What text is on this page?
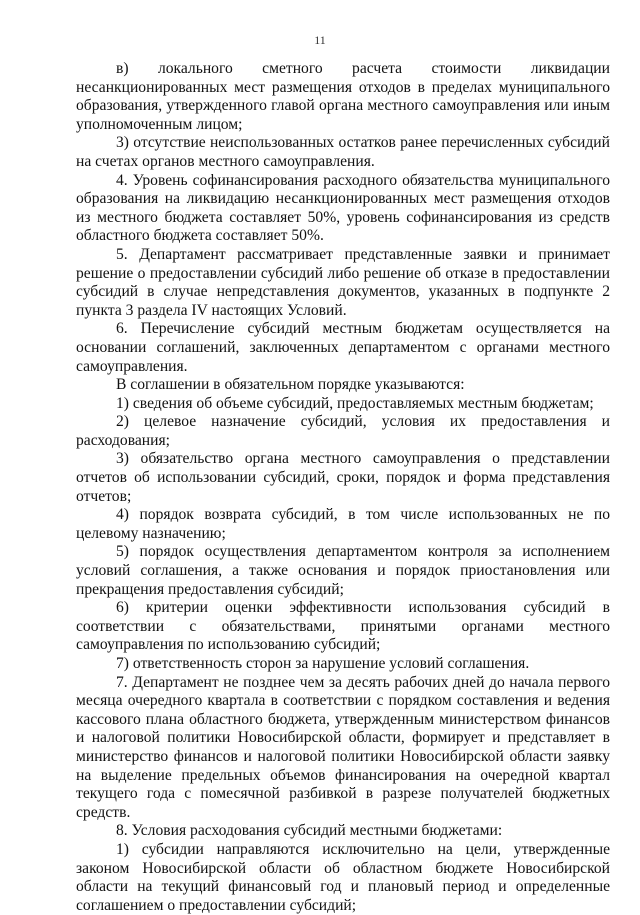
11

в) локального сметного расчета стоимости ликвидации несанкционированных мест размещения отходов в пределах муниципального образования, утвержденного главой органа местного самоуправления или иным уполномоченным лицом;

3) отсутствие неиспользованных остатков ранее перечисленных субсидий на счетах органов местного самоуправления.

4. Уровень софинансирования расходного обязательства муниципального образования на ликвидацию несанкционированных мест размещения отходов из местного бюджета составляет 50%, уровень софинансирования из средств областного бюджета составляет 50%.

5. Департамент рассматривает представленные заявки и принимает решение о предоставлении субсидий либо решение об отказе в предоставлении субсидий в случае непредставления документов, указанных в подпункте 2 пункта 3 раздела IV настоящих Условий.

6. Перечисление субсидий местным бюджетам осуществляется на основании соглашений, заключенных департаментом с органами местного самоуправления.

В соглашении в обязательном порядке указываются:

1) сведения об объеме субсидий, предоставляемых местным бюджетам;

2) целевое назначение субсидий, условия их предоставления и расходования;

3) обязательство органа местного самоуправления о представлении отчетов об использовании субсидий, сроки, порядок и форма представления отчетов;

4) порядок возврата субсидий, в том числе использованных не по целевому назначению;

5) порядок осуществления департаментом контроля за исполнением условий соглашения, а также основания и порядок приостановления или прекращения предоставления субсидий;

6) критерии оценки эффективности использования субсидий в соответствии с обязательствами, принятыми органами местного самоуправления по использованию субсидий;

7) ответственность сторон за нарушение условий соглашения.

7. Департамент не позднее чем за десять рабочих дней до начала первого месяца очередного квартала в соответствии с порядком составления и ведения кассового плана областного бюджета, утвержденным министерством финансов и налоговой политики Новосибирской области, формирует и представляет в министерство финансов и налоговой политики Новосибирской области заявку на выделение предельных объемов финансирования на очередной квартал текущего года с помесячной разбивкой в разрезе получателей бюджетных средств.

8. Условия расходования субсидий местными бюджетами:

1) субсидии направляются исключительно на цели, утвержденные законом Новосибирской области об областном бюджете Новосибирской области на текущий финансовый год и плановый период и определенные соглашением о предоставлении субсидий;
